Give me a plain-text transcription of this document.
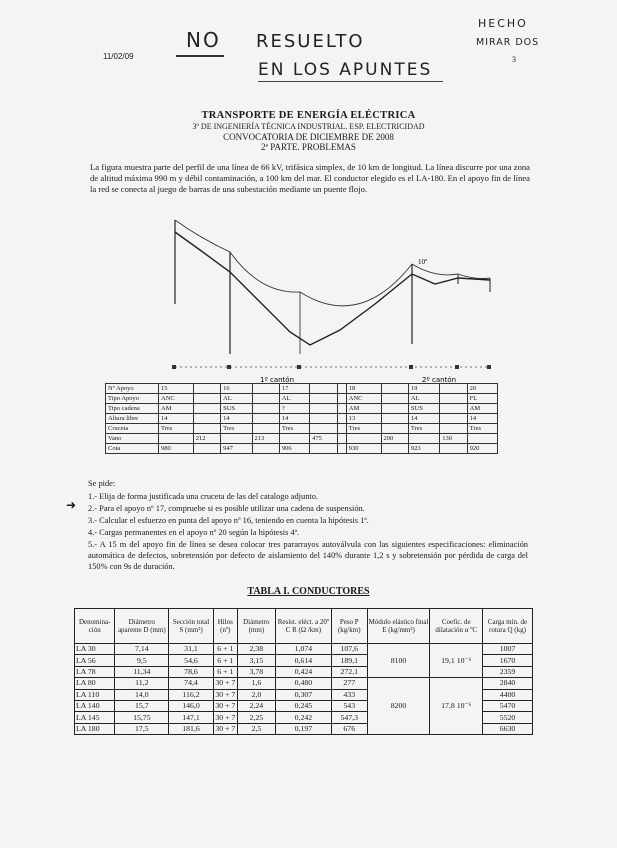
11/02/09
NO RESUELTO
EN LOS APUNTES
HECHO
MIRAR DOS
3
TRANSPORTE DE ENERGÍA ELÉCTRICA
3º DE INGENIERÍA TÉCNICA INDUSTRIAL. ESP. ELECTRICIDAD
CONVOCATORIA DE DICIEMBRE DE 2008
2ª PARTE. PROBLEMAS
La figura muestra parte del perfil de una línea de 66 kV, trifásica simplex, de 10 km de longitud. La línea discurre por una zona de altitud máxima 990 m y débil contaminación, a 100 km del mar. El conductor elegido es el LA-180. En el apoyo fin de línea la red se conecta al juego de barras de una subestación mediante un puente flojo.
10º
1º cantón	2º cantón
Nº Apoyo	15		16		17			18		19		20
Tipo Apoyo	ANC		AL		AL			ANC		AL		FL
Tipo cadena	AM		SUS		?			AM		SUS		AM
Altura libre	14		14		14			13		14		14
Cruceta	Tres		Tres		Tres			Tres		Tres		Tres
Vano		212		213		475			200		130	
Cota	980		947		906			930		923		920
Se pide:
➜
1.- Elija de forma justificada una cruceta de las del catalogo adjunto.
2.- Para el apoyo nº 17, compruebe si es posible utilizar una cadena de suspensión.
3.- Calcular el esfuerzo en punta del apoyo nº 16, teniendo en cuenta la hipótesis 1ª.
4.- Cargas permanentes en el apoyo nº 20 según la hipótesis 4ª.
5.- A 15 m del apoyo fin de línea se desea colocar tres pararrayos autoválvula con las siguientes especificaciones: eliminación automática de defectos, sobretensión por defecto de aislamiento del 140% durante 1,2 s y sobretensión por pérdida de carga del 150% con 9s de duración.
TABLA I. CONDUCTORES
Denomina-ción	Diámetro aparente D (mm)	Sección total S (mm²)	Hilos (nº)	Diámetro (mm)	Resist. eléct. a 20º C R (Ω /km)	Peso P (kg/km)	Módulo elástico final E (kg/mm²)	Coefic. de dilatación α ºC	Carga mín. de rotura Q (kg)
LA 30	7,14	31,1	6 + 1	2,38	1,074	107,6	8100	19,1 10⁻⁶	1007
LA 56	9,5	54,6	6 + 1	3,15	0,614	189,1			1670
LA 78	11,34	78,6	6 + 1	3,78	0,424	272,1			2359
LA 80	11,2	74,4	30 + 7	1,6	0,480	277	8200	17,8 10⁻⁶	2840
LA 110	14,0	116,2	30 + 7	2,0	0,307	433			4400
LA 140	15,7	146,0	30 + 7	2,24	0,245	543			5470
LA 145	15,75	147,1	30 + 7	2,25	0,242	547,3			5520
LA 180	17,5	181,6	30 + 7	2,5	0,197	676			6630
